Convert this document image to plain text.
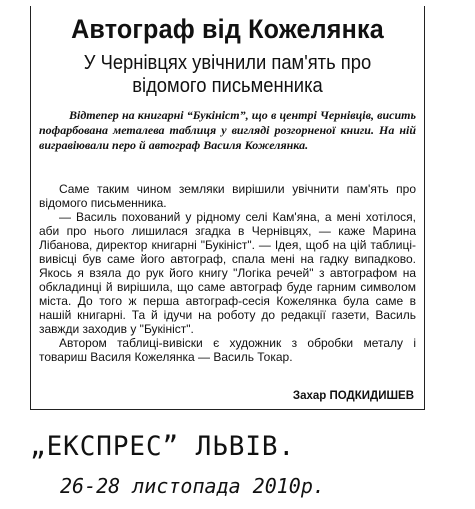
Автограф від Кожелянка
У Чернівцях увічнили пам'ять про
відомого письменника
Відтепер на книгарні “Букініст”, що в центрі Чернівців, висить пофарбована металева таблиця у вигляді розгорненої книги. На ній вигравіювали перо й автограф Василя Кожелянка.

Саме таким чином земляки вирішили увічнити пам'ять про відомого письменника.

— Василь похований у рідному селі Кам'яна, а мені хотілося, аби про нього лишилася згадка в Чернівцях, — каже Марина Лібанова, директор книгарні "Букініст". — Ідея, щоб на цій таблиці-вивісці був саме його автограф, спала мені на гадку випадково. Якось я взяла до рук його книгу "Логіка речей" з автографом на обкладинці й вирішила, що саме автограф буде гарним символом міста. До того ж перша автограф-сесія Кожелянка була саме в нашій книгарні. Та й ідучи на роботу до редакції газети, Василь завжди заходив у "Букініст".

Автором таблиці-вивіски є художник з обробки металу і товариш Василя Кожелянка — Василь Токар.

Захар ПОДКИДИШЕВ
„ЕКСПРЕС” ЛЬВІВ.
26-28 листопада 2010р.
